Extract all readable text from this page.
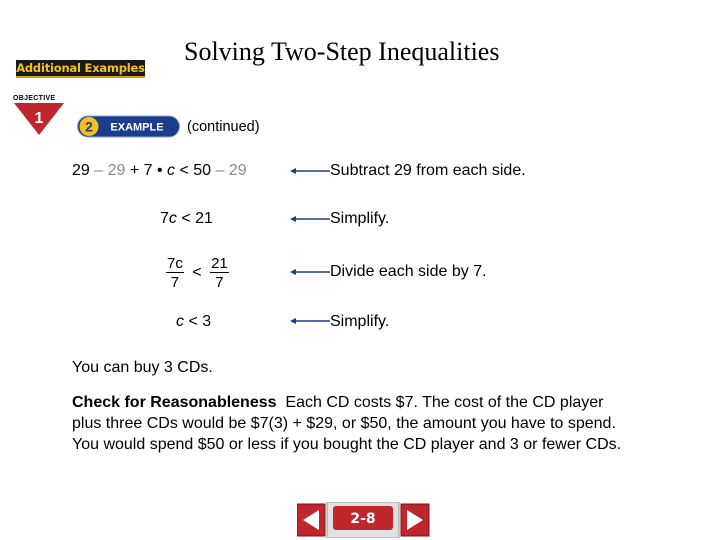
Additional Examples
Solving Two-Step Inequalities
OBJECTIVE
1	2 EXAMPLE (continued)
29 – 29 + 7 • c < 50 – 29	Subtract 29 from each side.
7c < 21	Simplify.
$\frac{7c}{7} < \frac{21}{7}$	Divide each side by 7.
c < 3	Simplify.
You can buy 3 CDs.
Check for Reasonableness Each CD costs $7. The cost of the CD player
plus three CDs would be $7(3) + $29, or $50, the amount you have to spend.
You would spend $50 or less if you bought the CD player and 3 or fewer CDs.
2-8
